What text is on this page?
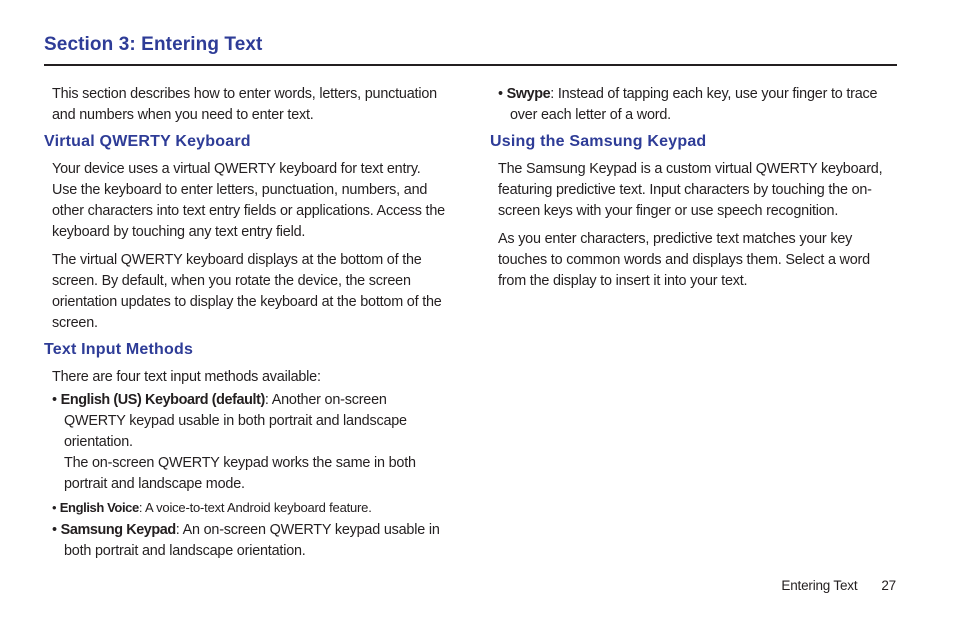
Section 3: Entering Text

This section describes how to enter words, letters, punctuation and numbers when you need to enter text.

Virtual QWERTY Keyboard

Your device uses a virtual QWERTY keyboard for text entry. Use the keyboard to enter letters, punctuation, numbers, and other characters into text entry fields or applications. Access the keyboard by touching any text entry field.

The virtual QWERTY keyboard displays at the bottom of the screen. By default, when you rotate the device, the screen orientation updates to display the keyboard at the bottom of the screen.

Text Input Methods

There are four text input methods available:

• English (US) Keyboard (default): Another on-screen QWERTY keypad usable in both portrait and landscape orientation.
The on-screen QWERTY keypad works the same in both portrait and landscape mode.

• English Voice: A voice-to-text Android keyboard feature.

• Samsung Keypad: An on-screen QWERTY keypad usable in both portrait and landscape orientation.

• Swype: Instead of tapping each key, use your finger to trace over each letter of a word.

Using the Samsung Keypad

The Samsung Keypad is a custom virtual QWERTY keyboard, featuring predictive text. Input characters by touching the on-screen keys with your finger or use speech recognition.

As you enter characters, predictive text matches your key touches to common words and displays them. Select a word from the display to insert it into your text.

Entering Text 27
